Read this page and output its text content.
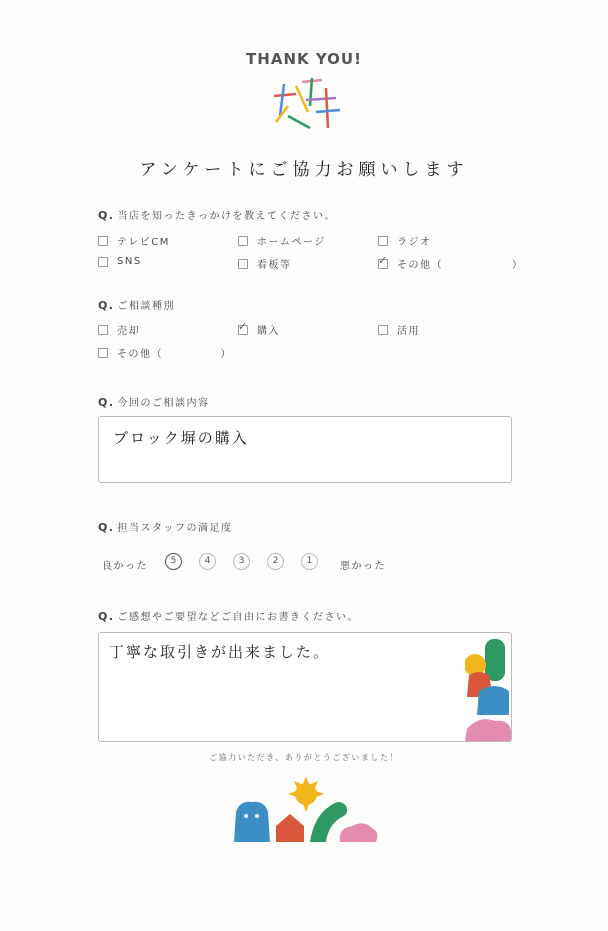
THANK YOU!
アンケートにご協力お願いします
Q. 当店を知ったきっかけを教えてください。
テレビCM	ホームページ	ラジオ
SNS	看板等 ✓	その他（　　　　　　）
Q. ご相談種別
売却 ✓	購入	活用
その他（　　　　　）
Q. 今回のご相談内容
ブロック塀の購入
Q. 担当スタッフの満足度
良かった	5	4	3	2	1	悪かった
Q. ご感想やご要望などご自由にお書きください。
丁寧な取引きが出来ました。
ご協力いただき、ありがとうございました！
